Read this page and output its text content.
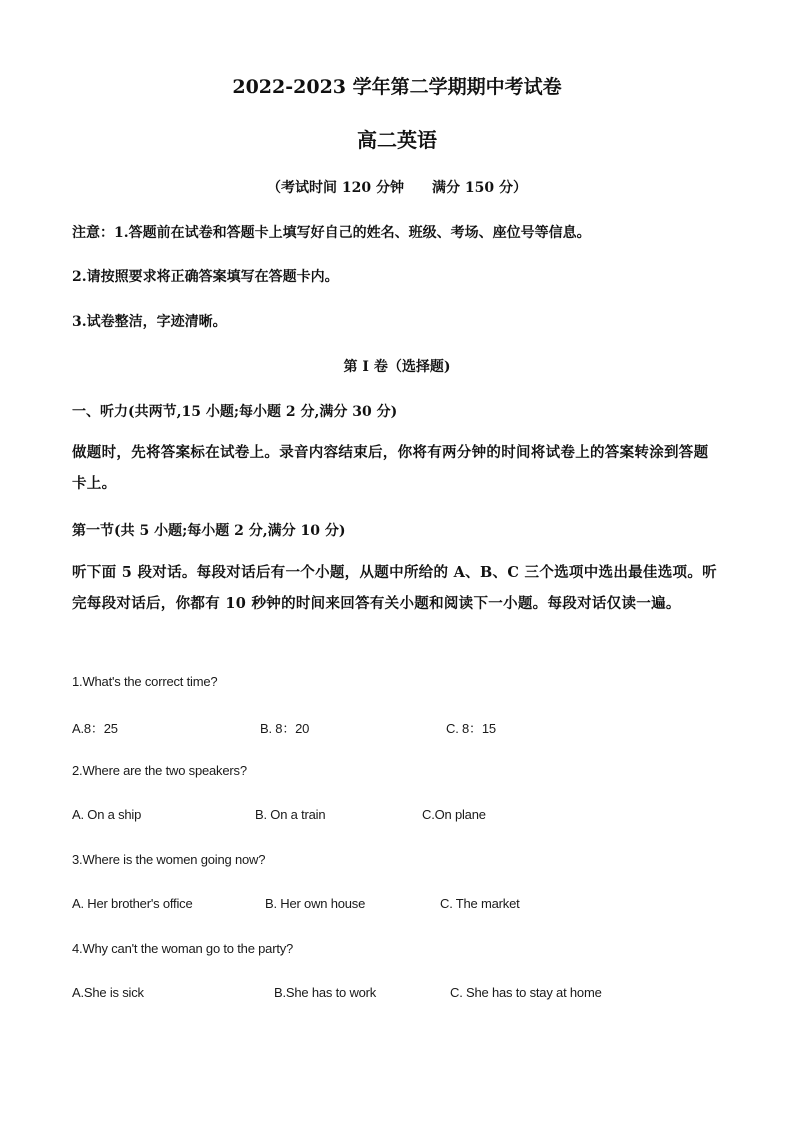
2022-2023 学年第二学期期中考试卷
高二英语
（考试时间 120 分钟　　满分 150 分）
注意：1.答题前在试卷和答题卡上填写好自己的姓名、班级、考场、座位号等信息。
2.请按照要求将正确答案填写在答题卡内。
3.试卷整洁，字迹清晰。
第 I 卷（选择题)
一、听力(共两节,15 小题;每小题 2 分,满分 30 分)
做题时，先将答案标在试卷上。录音内容结束后，你将有两分钟的时间将试卷上的答案转涂到答题卡上。
第一节(共 5 小题;每小题 2 分,满分 10 分)
听下面 5 段对话。每段对话后有一个小题，从题中所给的 A、B、C 三个选项中选出最佳选项。听完每段对话后，你都有 10 秒钟的时间来回答有关小题和阅读下一小题。每段对话仅读一遍。
1.What's the correct time?
A.8：25	B. 8：20	C. 8：15
2.Where are the two speakers?
A. On a ship	B. On a train	C.On plane
3.Where is the women going now?
A. Her brother's office	B. Her own house	C. The market
4.Why can't the woman go to the party?
A.She is sick	B.She has to work	C. She has to stay at home
